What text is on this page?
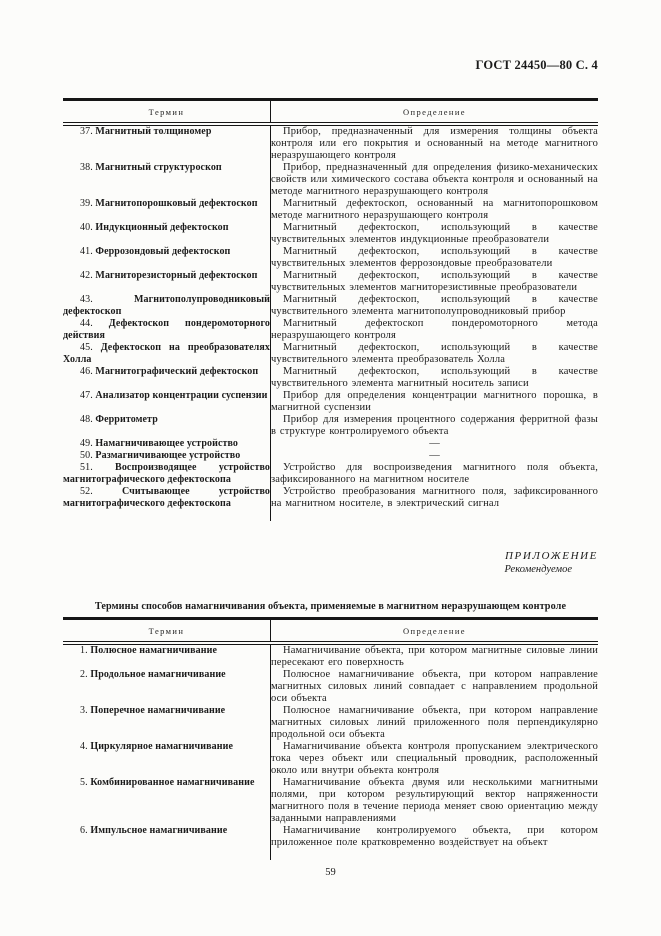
ГОСТ 24450—80 С. 4
Термин	Определение

37. Магнитный толщиномер	Прибор, предназначенный для измерения толщины объекта контроля или его покрытия и основанный на методе магнитного неразрушающего контроля

38. Магнитный структуроскоп	Прибор, предназначенный для определения физико-механических свойств или химического состава объекта контроля и основанный на методе магнитного неразрушающего контроля

39. Магнитопорошковый дефектоскоп	Магнитный дефектоскоп, основанный на магнитопорошковом методе магнитного неразрушающего контроля

40. Индукционный дефектоскоп	Магнитный дефектоскоп, использующий в качестве чувствительных элементов индукционные преобразователи

41. Феррозондовый дефектоскоп	Магнитный дефектоскоп, использующий в качестве чувствительных элементов феррозондовые преобразователи

42. Магниторезисторный дефектоскоп	Магнитный дефектоскоп, использующий в качестве чувствительных элементов магниторезистивные преобразователи

43. Магнитополупроводниковый дефектоскоп	Магнитный дефектоскоп, использующий в качестве чувствительного элемента магнитополупроводниковый прибор

44. Дефектоскоп пондеромоторного действия	Магнитный дефектоскоп пондеромоторного метода неразрушающего контроля

45. Дефектоскоп на преобразователях Холла	Магнитный дефектоскоп, использующий в качестве чувствительного элемента преобразователь Холла

46. Магнитографический дефектоскоп	Магнитный дефектоскоп, использующий в качестве чувствительного элемента магнитный носитель записи

47. Анализатор концентрации суспензии	Прибор для определения концентрации магнитного порошка, в магнитной суспензии

48. Ферритометр	Прибор для измерения процентного содержания ферритной фазы в структуре контролируемого объекта

49. Намагничивающее устройство	—

50. Размагничивающее устройство	—

51. Воспроизводящее устройство магнитографического дефектоскопа	Устройство для воспроизведения магнитного поля объекта, зафиксированного на магнитном носителе

52. Считывающее устройство магнитографического дефектоскопа	Устройство преобразования магнитного поля, зафиксированного на магнитном носителе, в электрический сигнал

ПРИЛОЖЕНИЕ
Рекомендуемое
Термины способов намагничивания объекта, применяемые в магнитном неразрушающем контроле
Термин	Определение

1. Полюсное намагничивание	Намагничивание объекта, при котором магнитные силовые линии пересекают его поверхность

2. Продольное намагничивание	Полюсное намагничивание объекта, при котором направление магнитных силовых линий совпадает с направлением продольной оси объекта

3. Поперечное намагничивание	Полюсное намагничивание объекта, при котором направление магнитных силовых линий приложенного поля перпендикулярно продольной оси объекта

4. Циркулярное намагничивание	Намагничивание объекта контроля пропусканием электрического тока через объект или специальный проводник, расположенный около или внутри объекта контроля

5. Комбинированное намагничивание	Намагничивание объекта двумя или несколькими магнитными полями, при котором результирующий вектор напряженности магнитного поля в течение периода меняет свою ориентацию между заданными направлениями

6. Импульсное намагничивание	Намагничивание контролируемого объекта, при котором приложенное поле кратковременно воздействует на объект

59
